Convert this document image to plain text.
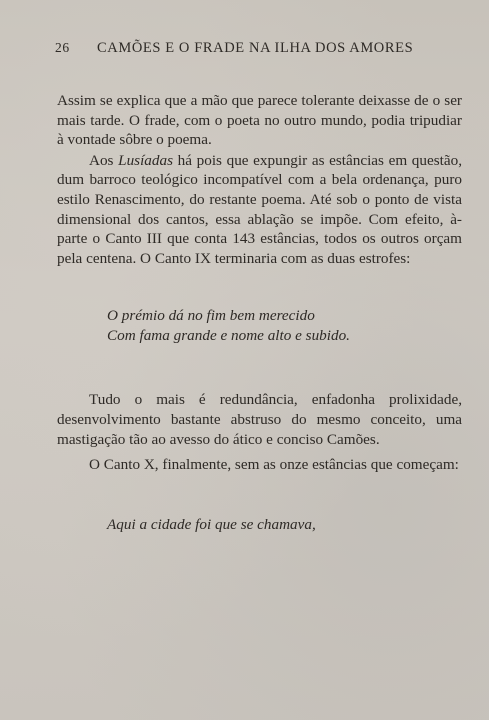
26 CAMÕES E O FRADE NA ILHA DOS AMORES

Assim se explica que a mão que parece tolerante deixasse de o ser mais tarde. O frade, com o poeta no outro mundo, podia tripudiar à vontade sôbre o poema.

Aos Lusíadas há pois que expungir as estâncias em questão, dum barroco teológico incompatível com a bela ordenança, puro estilo Renascimento, do restante poema. Até sob o ponto de vista dimensional dos cantos, essa ablação se impõe. Com efeito, à-parte o Canto III que conta 143 estâncias, todos os outros orçam pela centena. O Canto IX terminaria com as duas estrofes:

O prémio dá no fim bem merecido

Com fama grande e nome alto e subido.

Tudo o mais é redundância, enfadonha prolixidade, desenvolvimento bastante abstruso do mesmo conceito, uma mastigação tão ao avesso do ático e conciso Camões.

O Canto X, finalmente, sem as onze estâncias que começam:

Aqui a cidade foi que se chamava,
